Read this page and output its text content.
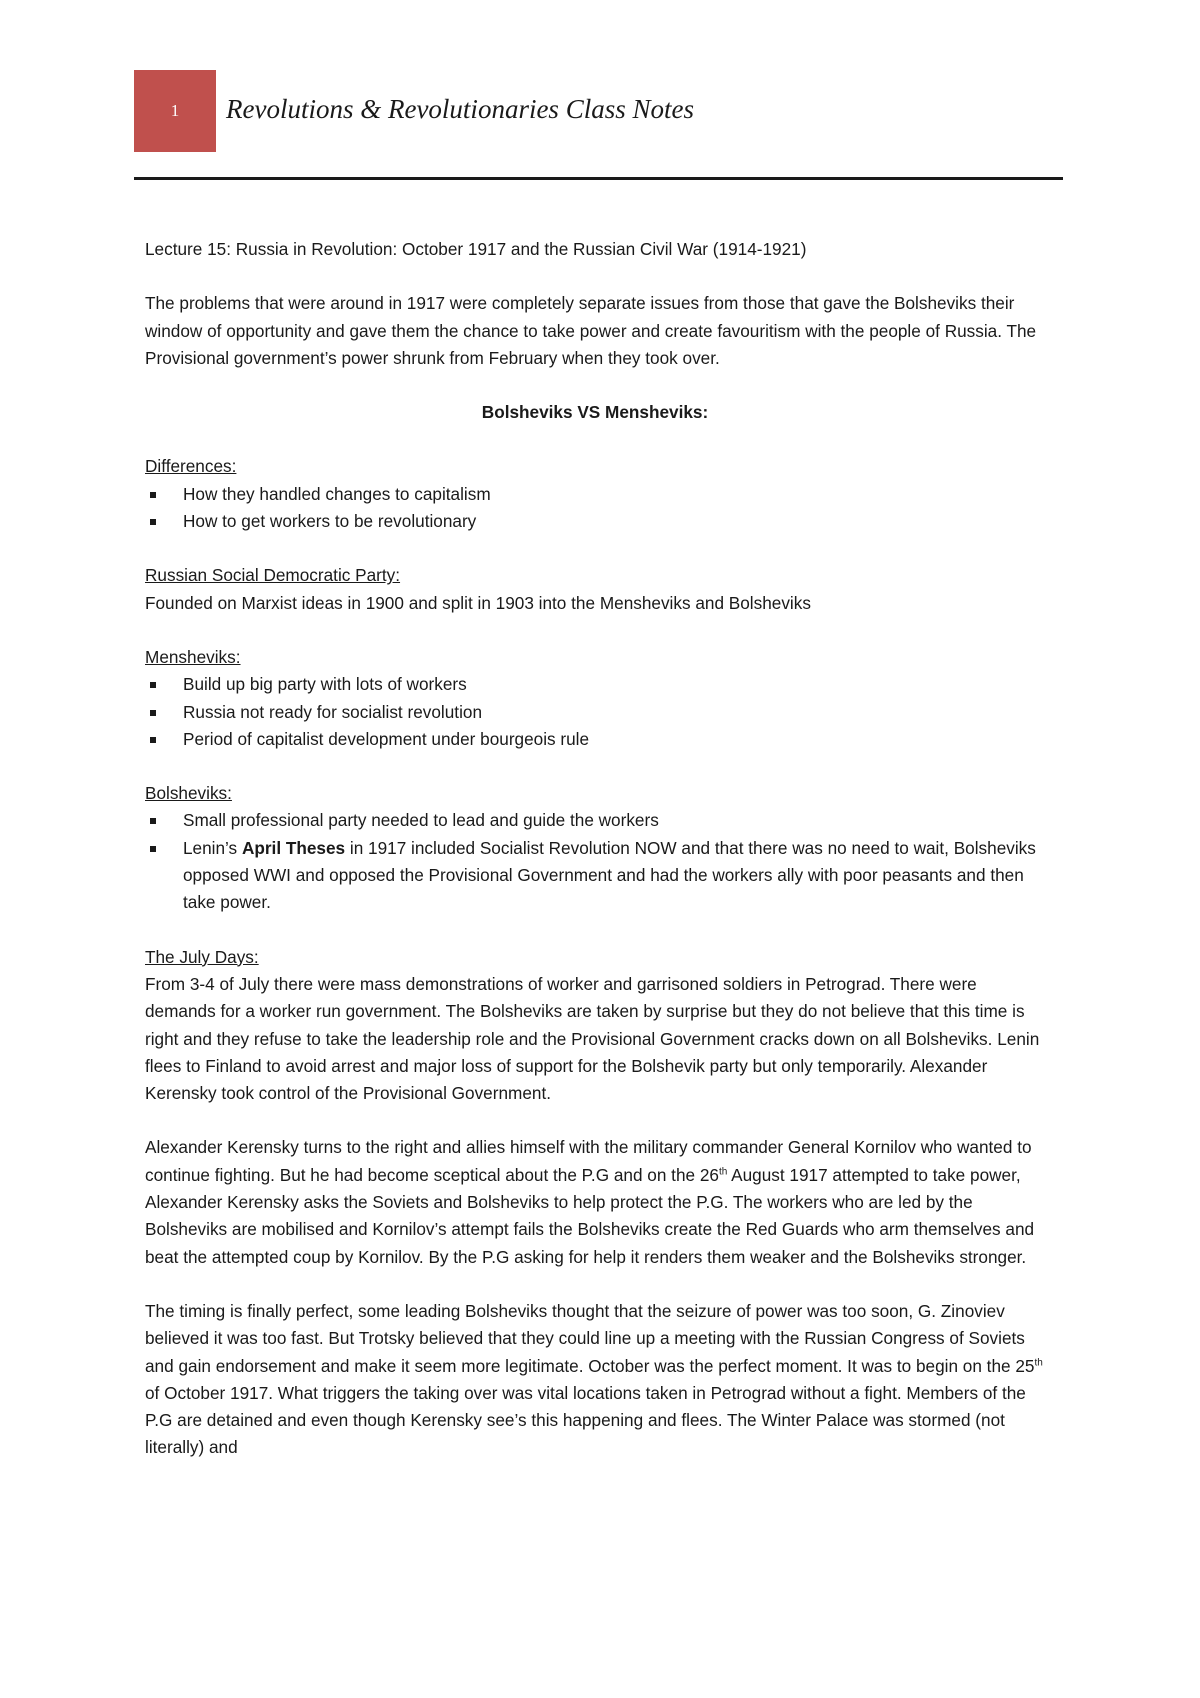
1 Revolutions & Revolutionaries Class Notes

Lecture 15: Russia in Revolution: October 1917 and the Russian Civil War (1914-1921)

The problems that were around in 1917 were completely separate issues from those that gave the Bolsheviks their window of opportunity and gave them the chance to take power and create favouritism with the people of Russia. The Provisional government’s power shrunk from February when they took over.

Bolsheviks VS Mensheviks:

Differences:

How they handled changes to capitalism
How to get workers to be revolutionary

Russian Social Democratic Party:

Founded on Marxist ideas in 1900 and split in 1903 into the Mensheviks and Bolsheviks

Mensheviks:

Build up big party with lots of workers
Russia not ready for socialist revolution
Period of capitalist development under bourgeois rule

Bolsheviks:

Small professional party needed to lead and guide the workers
Lenin’s April Theses in 1917 included Socialist Revolution NOW and that there was no need to wait, Bolsheviks opposed WWI and opposed the Provisional Government and had the workers ally with poor peasants and then take power.

The July Days:

From 3-4 of July there were mass demonstrations of worker and garrisoned soldiers in Petrograd. There were demands for a worker run government. The Bolsheviks are taken by surprise but they do not believe that this time is right and they refuse to take the leadership role and the Provisional Government cracks down on all Bolsheviks. Lenin flees to Finland to avoid arrest and major loss of support for the Bolshevik party but only temporarily. Alexander Kerensky took control of the Provisional Government.

Alexander Kerensky turns to the right and allies himself with the military commander General Kornilov who wanted to continue fighting. But he had become sceptical about the P.G and on the 26th August 1917 attempted to take power, Alexander Kerensky asks the Soviets and Bolsheviks to help protect the P.G. The workers who are led by the Bolsheviks are mobilised and Kornilov’s attempt fails the Bolsheviks create the Red Guards who arm themselves and beat the attempted coup by Kornilov. By the P.G asking for help it renders them weaker and the Bolsheviks stronger.

The timing is finally perfect, some leading Bolsheviks thought that the seizure of power was too soon, G. Zinoviev believed it was too fast. But Trotsky believed that they could line up a meeting with the Russian Congress of Soviets and gain endorsement and make it seem more legitimate. October was the perfect moment. It was to begin on the 25th of October 1917. What triggers the taking over was vital locations taken in Petrograd without a fight. Members of the P.G are detained and even though Kerensky see’s this happening and flees. The Winter Palace was stormed (not literally) and
